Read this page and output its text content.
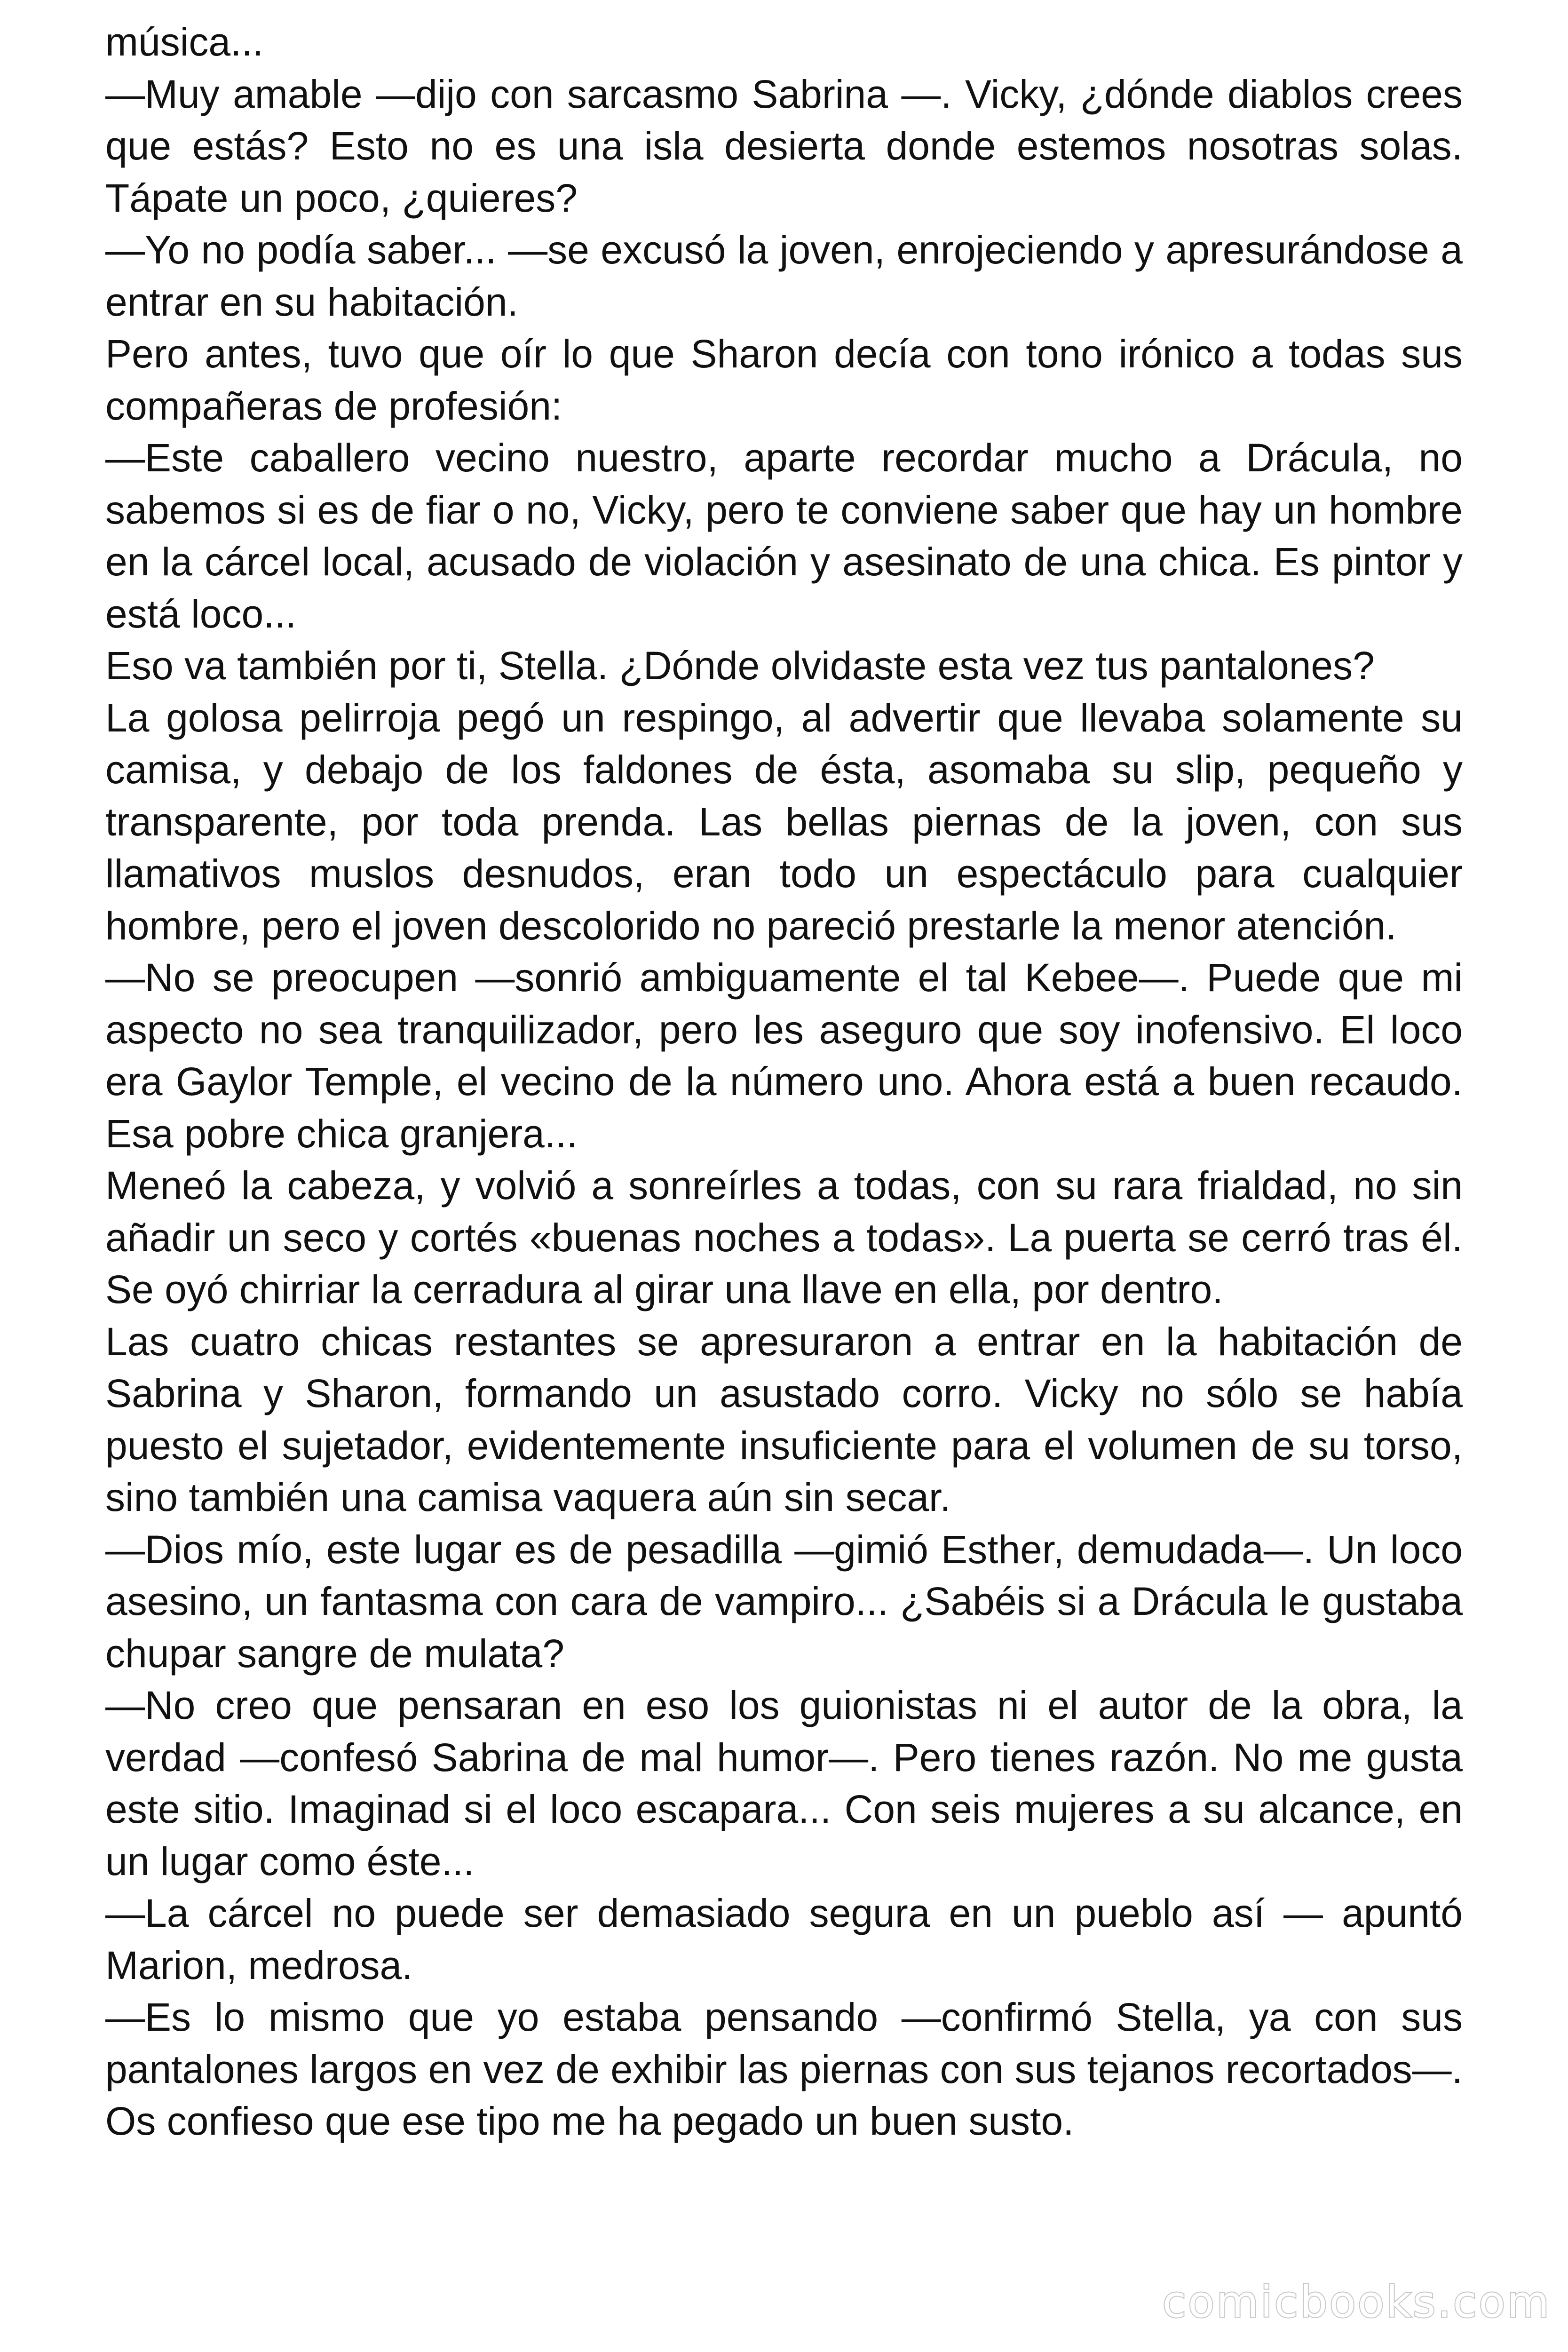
música...

—Muy amable —dijo con sarcasmo Sabrina —. Vicky, ¿dónde diablos crees que estás? Esto no es una isla desierta donde estemos nosotras solas. Tápate un poco, ¿quieres?

—Yo no podía saber... —se excusó la joven, enrojeciendo y apresurándose a entrar en su habitación.

Pero antes, tuvo que oír lo que Sharon decía con tono irónico a todas sus compañeras de profesión:

—Este caballero vecino nuestro, aparte recordar mucho a Drácula, no sabemos si es de fiar o no, Vicky, pero te conviene saber que hay un hombre en la cárcel local, acusado de violación y asesinato de una chica. Es pintor y está loco...

Eso va también por ti, Stella. ¿Dónde olvidaste esta vez tus pantalones?

La golosa pelirroja pegó un respingo, al advertir que llevaba solamente su camisa, y debajo de los faldones de ésta, asomaba su slip, pequeño y transparente, por toda prenda. Las bellas piernas de la joven, con sus llamativos muslos desnudos, eran todo un espectáculo para cualquier hombre, pero el joven descolorido no pareció prestarle la menor atención.

—No se preocupen —sonrió ambiguamente el tal Kebee—. Puede que mi aspecto no sea tranquilizador, pero les aseguro que soy inofensivo. El loco era Gaylor Temple, el vecino de la número uno. Ahora está a buen recaudo. Esa pobre chica granjera...

Meneó la cabeza, y volvió a sonreírles a todas, con su rara frialdad, no sin añadir un seco y cortés «buenas noches a todas». La puerta se cerró tras él. Se oyó chirriar la cerradura al girar una llave en ella, por dentro.

Las cuatro chicas restantes se apresuraron a entrar en la habitación de Sabrina y Sharon, formando un asustado corro. Vicky no sólo se había puesto el sujetador, evidentemente insuficiente para el volumen de su torso, sino también una camisa vaquera aún sin secar.

—Dios mío, este lugar es de pesadilla —gimió Esther, demudada—. Un loco asesino, un fantasma con cara de vampiro... ¿Sabéis si a Drácula le gustaba chupar sangre de mulata?

—No creo que pensaran en eso los guionistas ni el autor de la obra, la verdad —confesó Sabrina de mal humor—. Pero tienes razón. No me gusta este sitio. Imaginad si el loco escapara... Con seis mujeres a su alcance, en un lugar como éste...

—La cárcel no puede ser demasiado segura en un pueblo así — apuntó Marion, medrosa.

—Es lo mismo que yo estaba pensando —confirmó Stella, ya con sus pantalones largos en vez de exhibir las piernas con sus tejanos recortados—. Os confieso que ese tipo me ha pegado un buen susto.

comicbooks.com
